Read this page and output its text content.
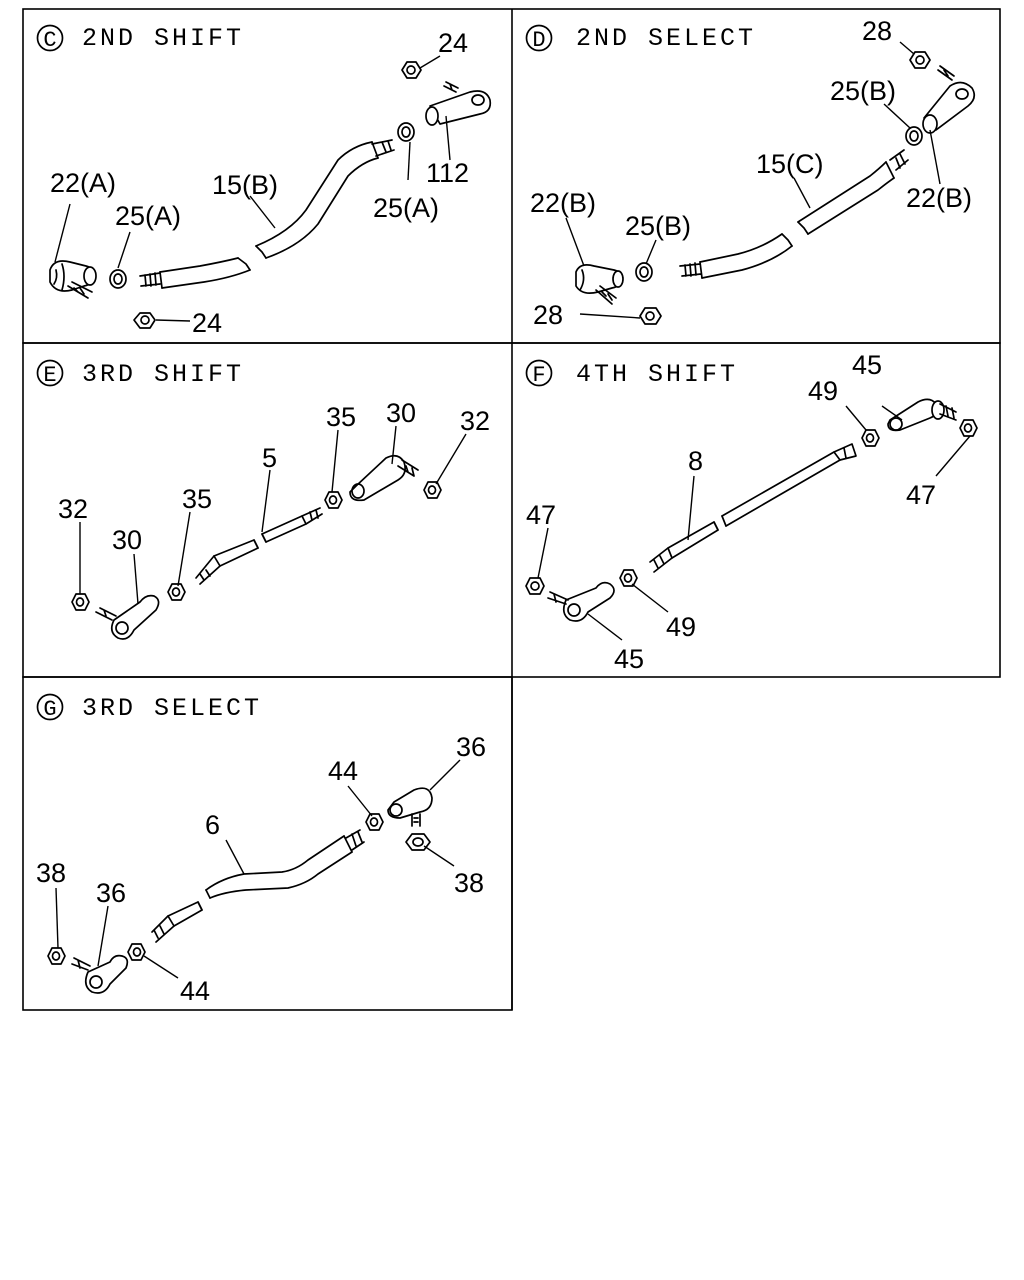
C 2ND SHIFT	24
112
25(A)
15(B)
22(A)
25(A)
24
D 2ND SELECT	28
25(B)
15(C)
22(B)
22(B)
25(B)
28
E 3RD SHIFT
30
35	32
5
35
32
30
F 4TH SHIFT	45
49
8
47
47
49
45
G 3RD SELECT
36
44
6
38	38
36
44
